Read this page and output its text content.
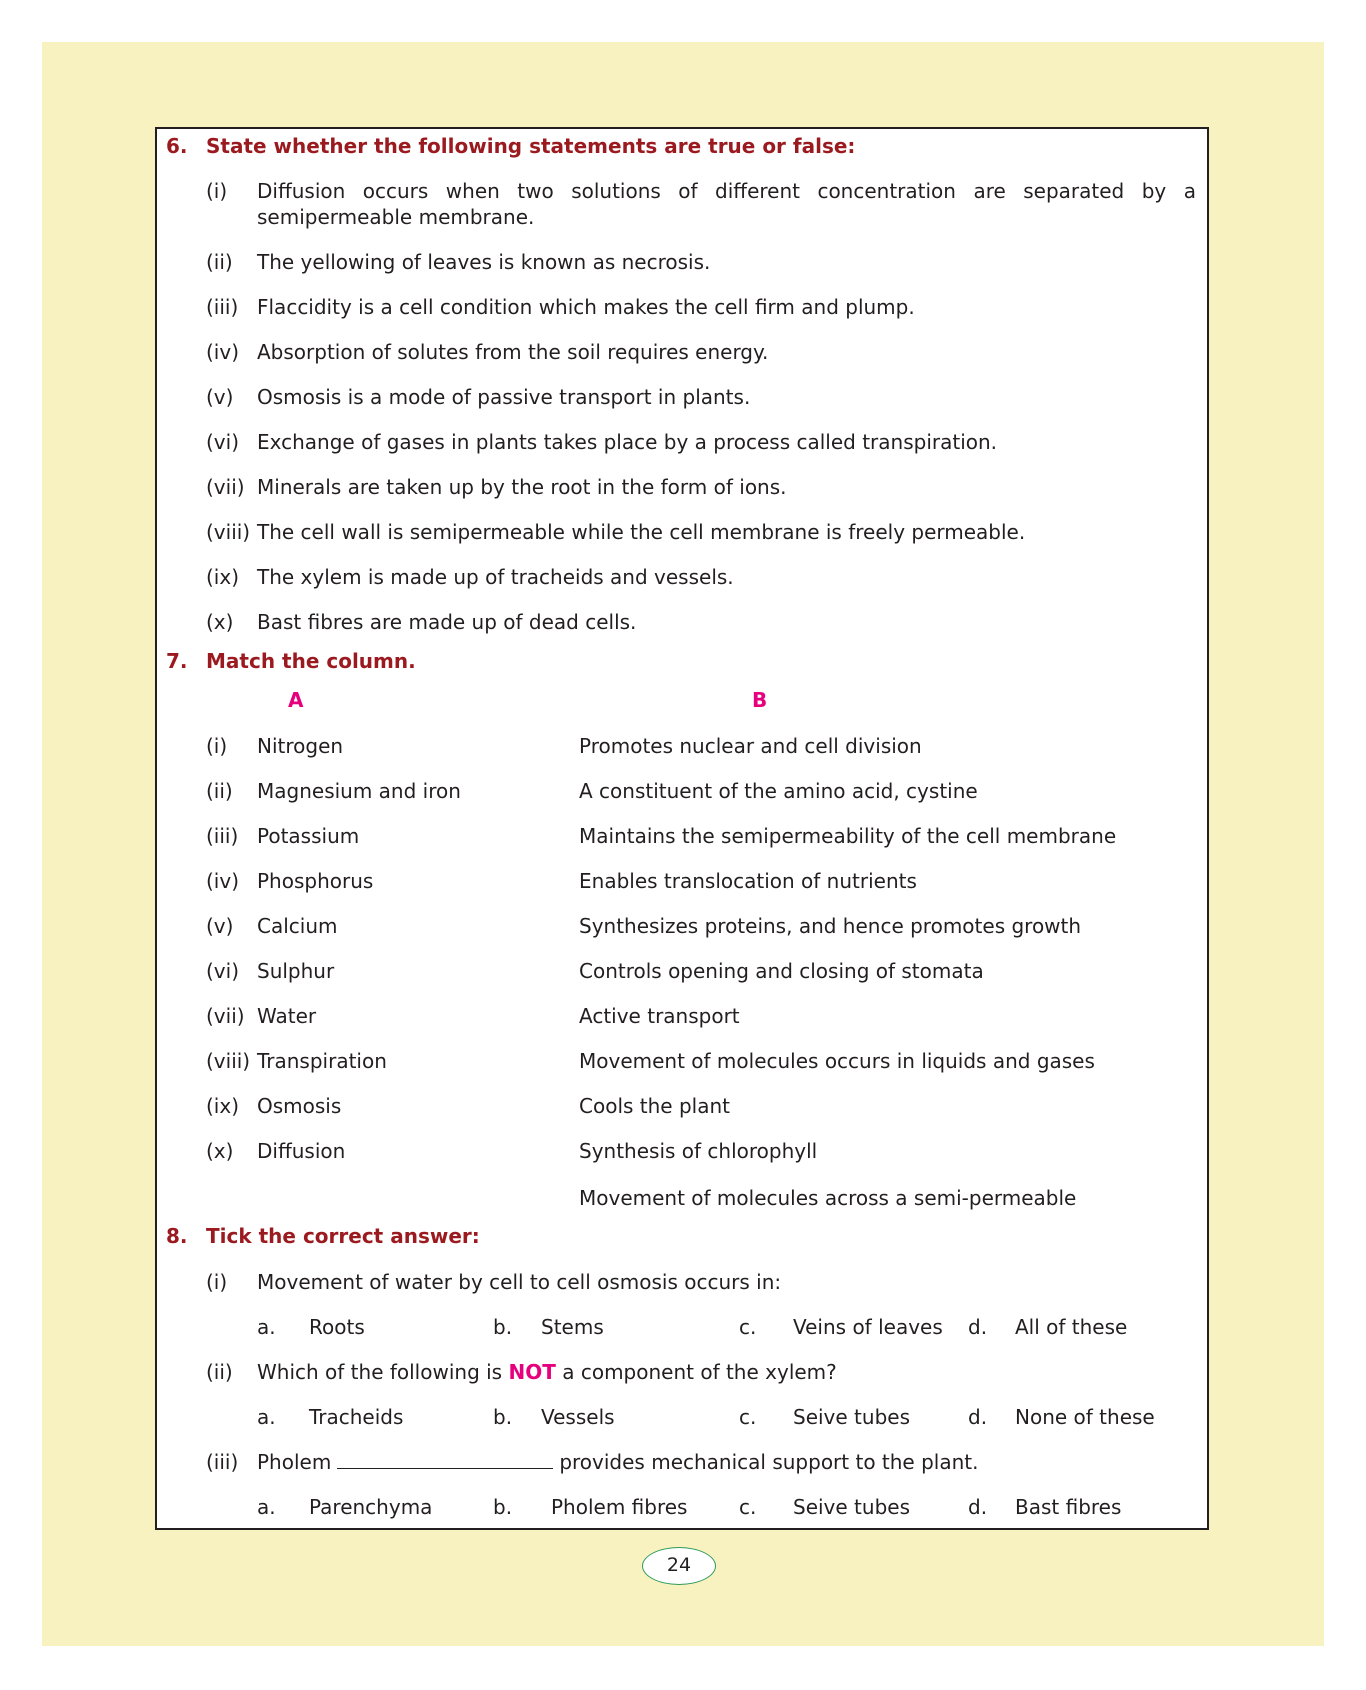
6. State whether the following statements are true or false:
(i) Diffusion occurs when two solutions of different concentration are separated by a
semipermeable membrane.
(ii) The yellowing of leaves is known as necrosis.
(iii) Flaccidity is a cell condition which makes the cell firm and plump.
(iv) Absorption of solutes from the soil requires energy.
(v) Osmosis is a mode of passive transport in plants.
(vi) Exchange of gases in plants takes place by a process called transpiration.
(vii) Minerals are taken up by the root in the form of ions.
(viii) The cell wall is semipermeable while the cell membrane is freely permeable.
(ix) The xylem is made up of tracheids and vessels.
(x) Bast fibres are made up of dead cells.
7. Match the column.
A	B
(i) Nitrogen	Promotes nuclear and cell division
(ii) Magnesium and iron	A constituent of the amino acid, cystine
(iii) Potassium	Maintains the semipermeability of the cell membrane
(iv) Phosphorus	Enables translocation of nutrients
(v) Calcium	Synthesizes proteins, and hence promotes growth
(vi) Sulphur	Controls opening and closing of stomata
(vii) Water	Active transport
(viii) Transpiration	Movement of molecules occurs in liquids and gases
(ix) Osmosis	Cools the plant
(x) Diffusion	Synthesis of chlorophyll
Movement of molecules across a semi-permeable
8. Tick the correct answer:
(i) Movement of water by cell to cell osmosis occurs in:
a. Roots	b. Stems	c. Veins of leaves d. All of these
(ii) Which of the following is NOT a component of the xylem?
a. Tracheids	b. Vessels	c. Seive tubes	d. None of these
(iii) Pholem	provides mechanical support to the plant.
a. Parenchyma	b. Pholem fibres	c. Seive tubes	d. Bast fibres
24
